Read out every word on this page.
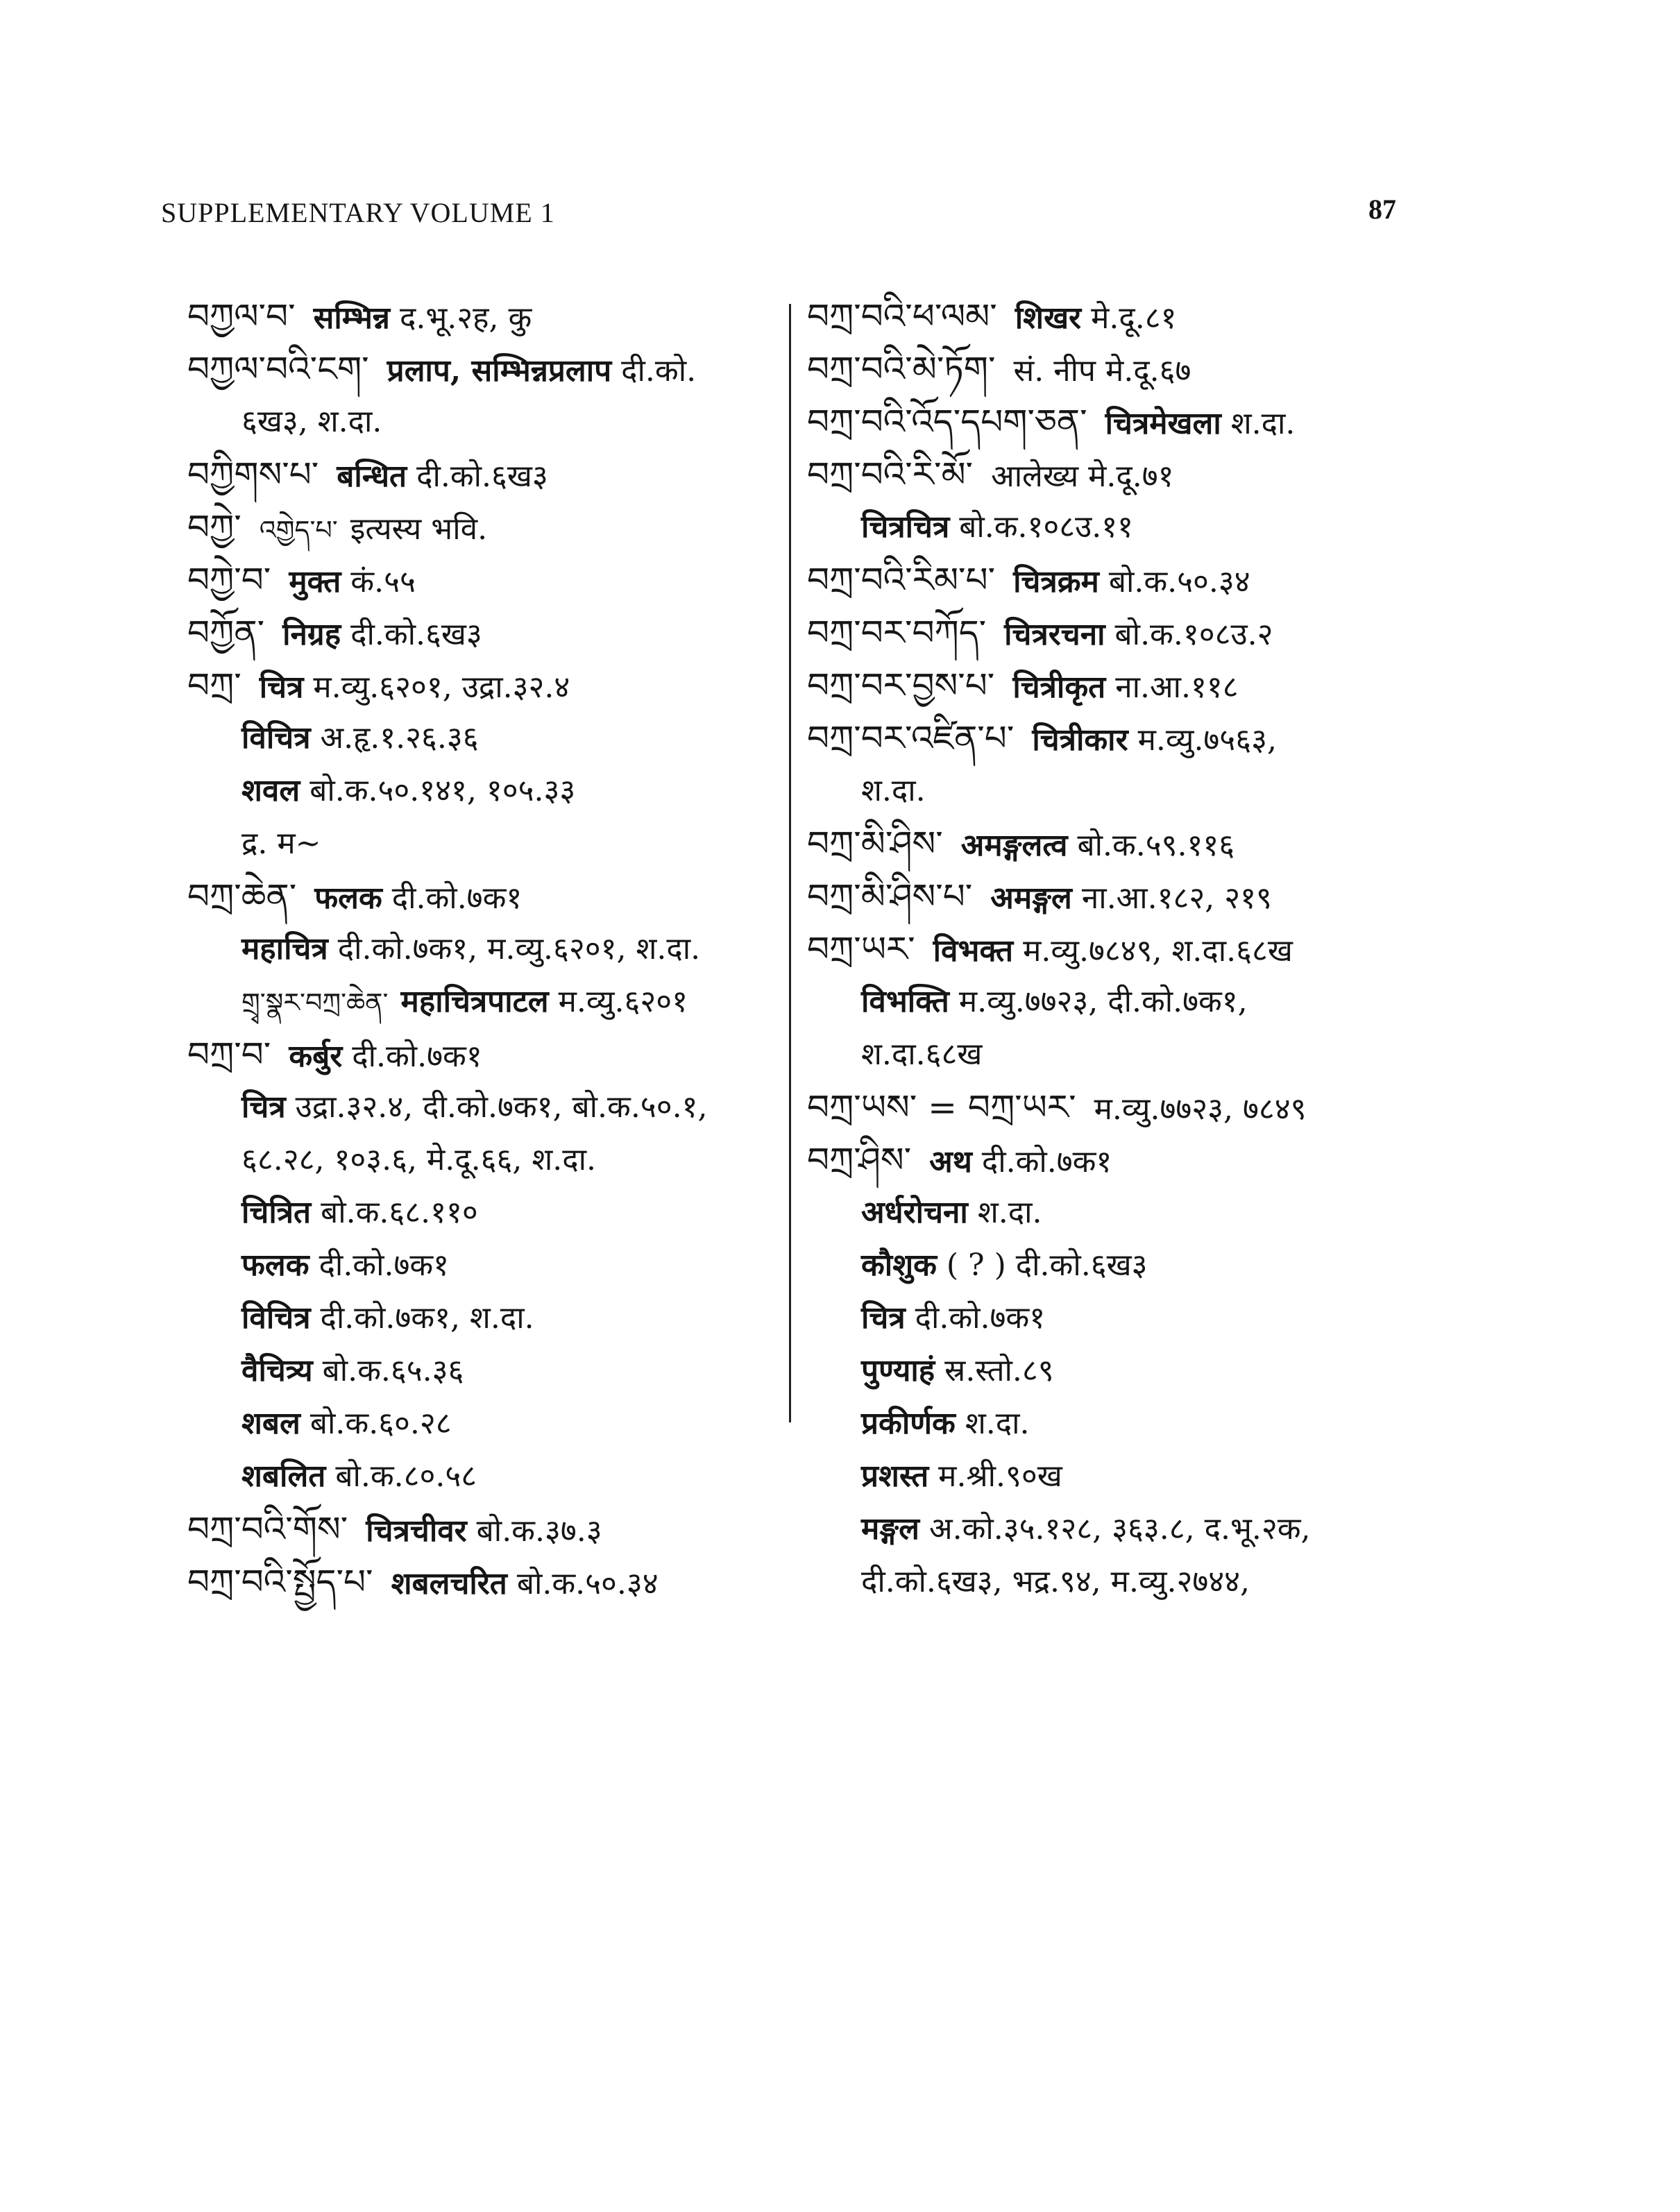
SUPPLEMENTARY VOLUME 1	87
བཀྱལ་བ་ सम्भिन्न द.भू.२ह, कु
བཀྱལ་བའི་ངག་ प्रलाप, सम्भिन्नप्रलाप दी.को.
६ख३, श.दा.
བཀྱིགས་པ་ बन्धित दी.को.६ख३
བཀྱེ་ འགྱེད་པ་ इत्यस्य भवि.
བཀྱེ་བ་ मुक्त कं.५५
བཀྱོན་ निग्रह दी.को.६ख३
བཀྲ་ चित्र म.व्यु.६२०१, उद्रा.३२.४
विचित्र अ.हृ.१.२६.३६
शवल बो.क.५०.१४१, १०५.३३
द्र. म~
བཀྲ་ཆེན་ फलक दी.को.७क१
महाचित्र दी.को.७क१, म.व्यु.६२०१, श.दा.
གྲྭ་སྣར་བཀྲ་ཆེན་ महाचित्रपाटल म.व्यु.६२०१
བཀྲ་བ་ कर्बुर दी.को.७क१
चित्र उद्रा.३२.४, दी.को.७क१, बो.क.५०.१,
६८.२८, १०३.६, मे.दू.६६, श.दा.
चित्रित बो.क.६८.११०
फलक दी.को.७क१
विचित्र दी.को.७क१, श.दा.
वैचित्र्य बो.क.६५.३६
शबल बो.क.६०.२८
शबलित बो.क.८०.५८
བཀྲ་བའི་གོས་ चित्रचीवर बो.क.३७.३
བཀྲ་བའི་སྤྱོད་པ་ शबलचरित बो.क.५०.३४
བཀྲ་བའི་ཕ་ལམ་ शिखर मे.दू.८१
བཀྲ་བའི་མེ་ཏོག་ सं. नीप मे.दू.६७
བཀྲ་བའི་འོད་དཔག་ཅན་ चित्रमेखला श.दा.
བཀྲ་བའི་རི་མོ་ आलेख्य मे.दू.७१
चित्रचित्र बो.क.१०८उ.११
བཀྲ་བའི་རིམ་པ་ चित्रक्रम बो.क.५०.३४
བཀྲ་བར་བཀོད་ चित्ररचना बो.क.१०८उ.२
བཀྲ་བར་བྱས་པ་ चित्रीकृत ना.आ.११८
བཀྲ་བར་འཛིན་པ་ चित्रीकार म.व्यु.७५६३,
श.दा.
བཀྲ་མི་ཤིས་ अमङ्गलत्व बो.क.५९.११६
བཀྲ་མི་ཤིས་པ་ अमङ्गल ना.आ.१८२, २१९
བཀྲ་ཡར་ विभक्त म.व्यु.७८४९, श.दा.६८ख
विभक्ति म.व्यु.७७२३, दी.को.७क१,
श.दा.६८ख
བཀྲ་ཡས་ = བཀྲ་ཡར་ म.व्यु.७७२३, ७८४९
བཀྲ་ཤིས་ अथ दी.को.७क१
अर्धरोचना श.दा.
कौशुक ( ? ) दी.को.६ख३
चित्र दी.को.७क१
पुण्याहं स्र.स्तो.८९
प्रकीर्णक श.दा.
प्रशस्त म.श्री.९०ख
मङ्गल अ.को.३५.१२८, ३६३.८, द.भू.२क,
दी.को.६ख३, भद्र.९४, म.व्यु.२७४४,
